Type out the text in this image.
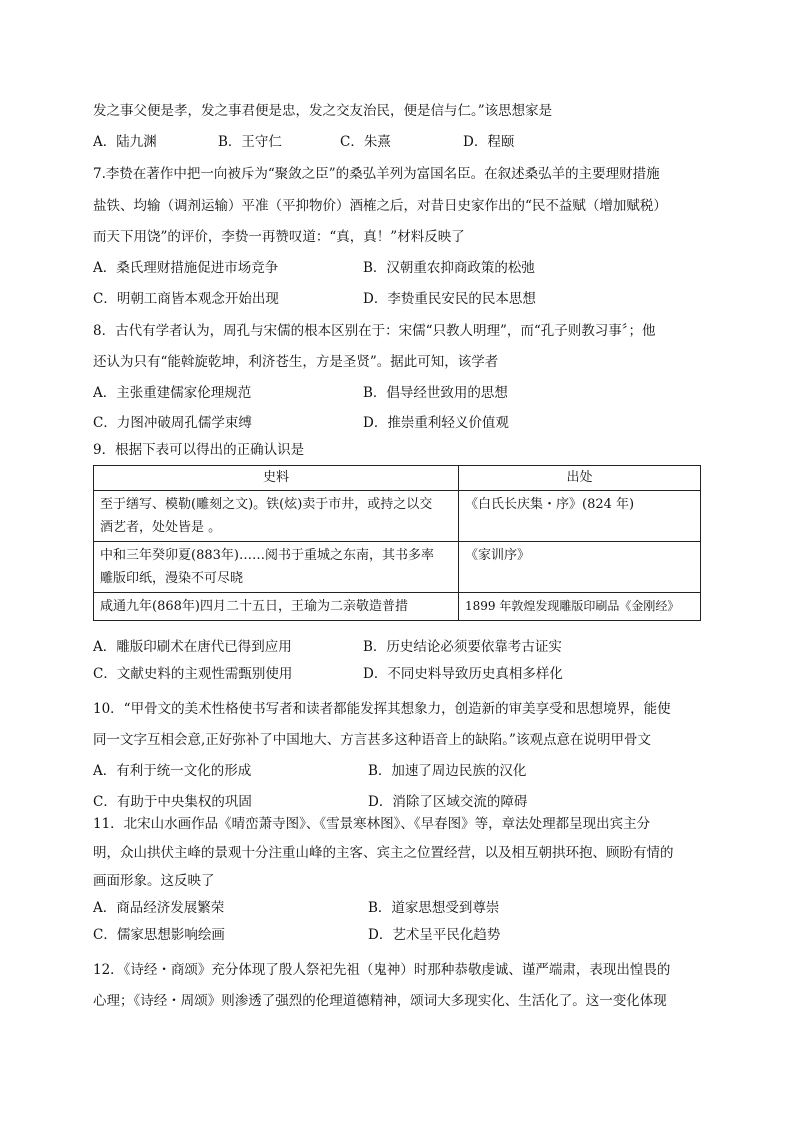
发之事父便是孝，发之事君便是忠，发之交友治民，便是信与仁。”该思想家是
A．陆九渊	B．王守仁	C．朱熹	D．程颐
7.李贽在著作中把一向被斥为“聚敛之臣”的桑弘羊列为富国名臣。在叙述桑弘羊的主要理财措施
盐铁、均输（调剂运输）平准（平抑物价）酒榷之后，对昔日史家作出的“民不益赋（增加赋税）
而天下用饶”的评价，李贽一再赞叹道：“真，真！”材料反映了
A．桑氏理财措施促进市场竞争	B．汉朝重农抑商政策的松弛
C．明朝工商皆本观念开始出现	D．李贽重民安民的民本思想
8．古代有学者认为，周孔与宋儒的根本区别在于：宋儒“只教人明理”，而“孔子则教习事〞；他
还认为只有“能斡旋乾坤，利济苍生，方是圣贤”。据此可知，该学者
A．主张重建儒家伦理规范	B．倡导经世致用的思想
C．力图冲破周孔儒学束缚	D．推崇重利轻义价值观
9．根据下表可以得出的正确认识是
史料	出处

至于缮写、模勒(雕刻之文)。铁(炫)卖于市井，或持之以交
酒艺者，处处皆是 。	《白氏长庆集・序》(824 年)

中和三年癸卯夏(883年)……阅书于重城之东南，其书多率
雕版印纸，漫染不可尽晓	《家训序》

咸通九年(868年)四月二十五日，王瑜为二亲敬造普措	1899 年敦煌发现雕版印刷品《金刚经》
A．雕版印刷术在唐代已得到应用	B．历史结论必须要依靠考古证实
C．文献史料的主观性需甄别使用	D．不同史料导致历史真相多样化
10．“甲骨文的美术性格使书写者和读者都能发挥其想象力，创造新的审美享受和思想境界，能使
同一文字互相会意,正好弥补了中国地大、方言甚多这种语音上的缺陷。”该观点意在说明甲骨文
A．有利于统一文化的形成	B．加速了周边民族的汉化
C．有助于中央集权的巩固	D．消除了区域交流的障碍
11．北宋山水画作品《晴峦萧寺图》、《雪景寒林图》、《早春图》等，章法处理都呈现出宾主分
明，众山拱伏主峰的景观十分注重山峰的主客、宾主之位置经营，以及相互朝拱环抱、顾盼有情的
画面形象。这反映了
A．商品经济发展繁荣	B．道家思想受到尊崇
C．儒家思想影响绘画	D．艺术呈平民化趋势
12．《诗经・商颂》充分体现了殷人祭祀先祖（鬼神）时那种恭敬虔诚、谨严端肃，表现出惶畏的
心理；《诗经・周颂》则渗透了强烈的伦理道德精神，颂词大多现实化、生活化了。这一变化体现
